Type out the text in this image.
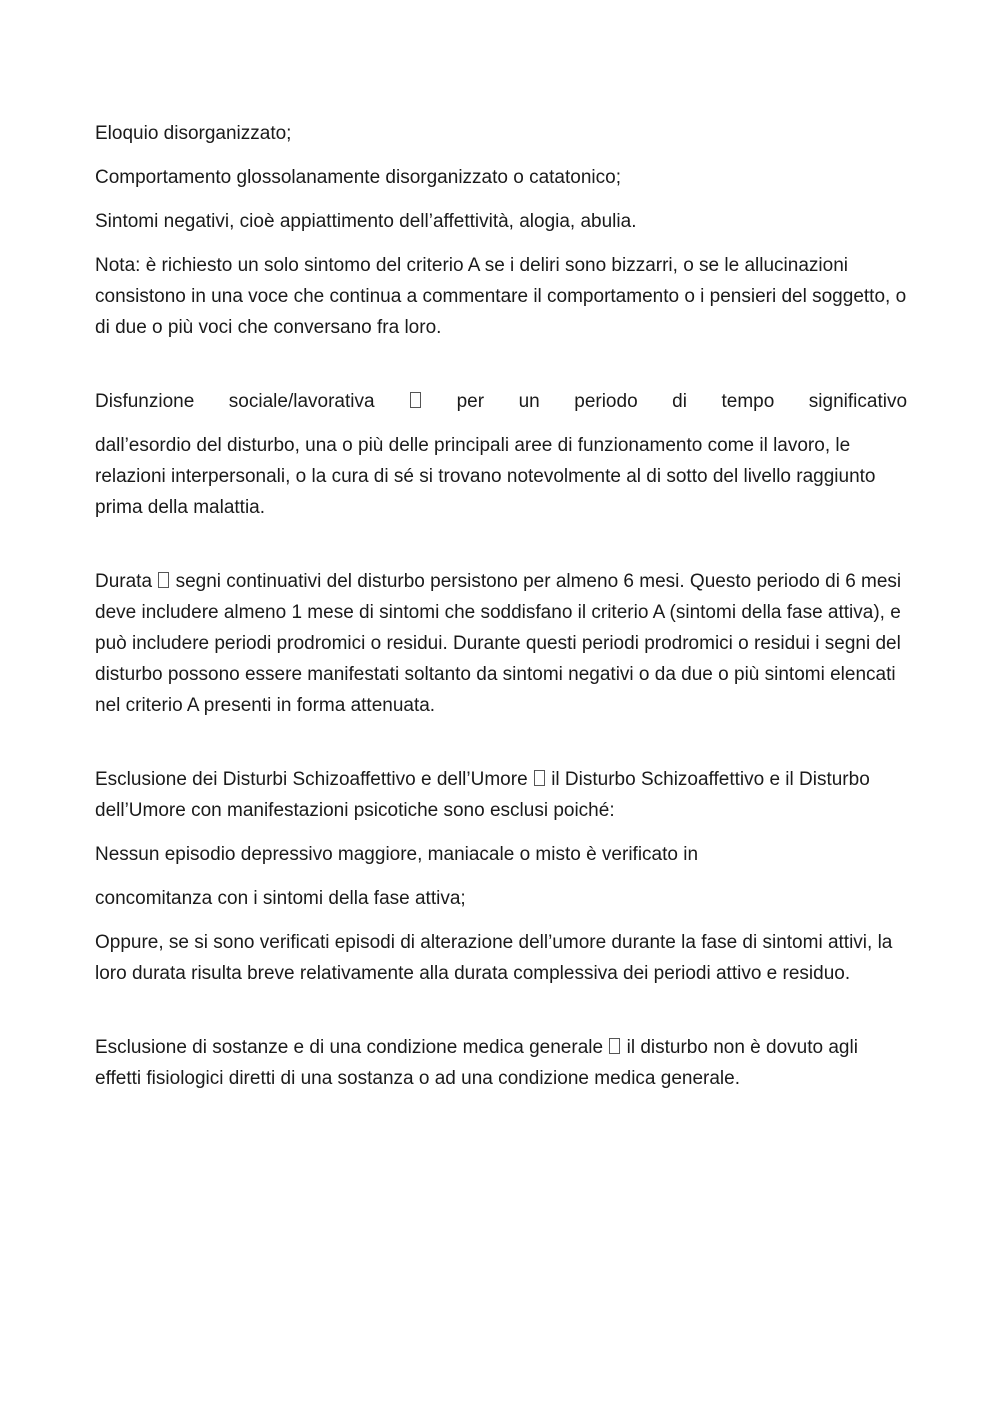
Eloquio disorganizzato;

Comportamento glossolanamente disorganizzato o catatonico;

Sintomi negativi, cioè appiattimento dell’affettività, alogia, abulia.

Nota: è richiesto un solo sintomo del criterio A se i deliri sono bizzarri, o se le allucinazioni consistono in una voce che continua a commentare il comportamento o i pensieri del soggetto, o di due o più voci che conversano fra loro.

Disfunzione sociale/lavorativa	per un periodo di tempo significativo

dall’esordio del disturbo, una o più delle principali aree di funzionamento come il lavoro, le relazioni interpersonali, o la cura di sé si trovano notevolmente al di sotto del livello raggiunto prima della malattia.

Durata segni continuativi del disturbo persistono per almeno 6 mesi. Questo periodo di 6 mesi deve includere almeno 1 mese di sintomi che soddisfano il criterio A (sintomi della fase attiva), e può includere periodi prodromici o residui. Durante questi periodi prodromici o residui i segni del disturbo possono essere manifestati soltanto da sintomi negativi o da due o più sintomi elencati nel criterio A presenti in forma attenuata.

Esclusione dei Disturbi Schizoaffettivo e dell’Umore il Disturbo Schizoaffettivo e il Disturbo dell’Umore con manifestazioni psicotiche sono esclusi poiché:

Nessun episodio depressivo maggiore, maniacale o misto è verificato in

concomitanza con i sintomi della fase attiva;

Oppure, se si sono verificati episodi di alterazione dell’umore durante la fase di sintomi attivi, la loro durata risulta breve relativamente alla durata complessiva dei periodi attivo e residuo.

Esclusione di sostanze e di una condizione medica generale il disturbo non è dovuto agli effetti fisiologici diretti di una sostanza o ad una condizione medica generale.
